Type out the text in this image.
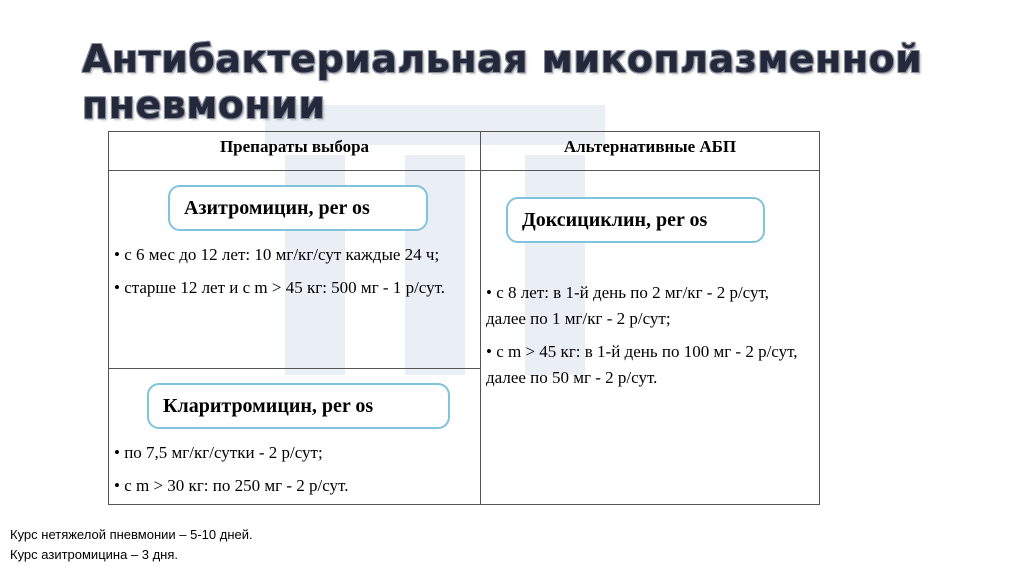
Антибактериальная микоплазменной
пневмонии
Препараты выбора	Альтернативные АБП
Азитромицин, per os

• с 6 мес до 12 лет: 10 мг/кг/сут каждые 24 ч;

• старше 12 лет и с m > 45 кг: 500 мг - 1 р/сут.

Кларитромицин, per os

• по 7,5 мг/кг/сутки - 2 р/сут;

• с m > 30 кг: по 250 мг - 2 р/сут.

Доксициклин, per os

• с 8 лет: в 1-й день по 2 мг/кг - 2 р/сут, далее по 1 мг/кг - 2 р/сут;

• с m > 45 кг: в 1-й день по 100 мг - 2 р/сут, далее по 50 мг - 2 р/сут.

Курс нетяжелой пневмонии – 5-10 дней.
Курс азитромицина – 3 дня.
